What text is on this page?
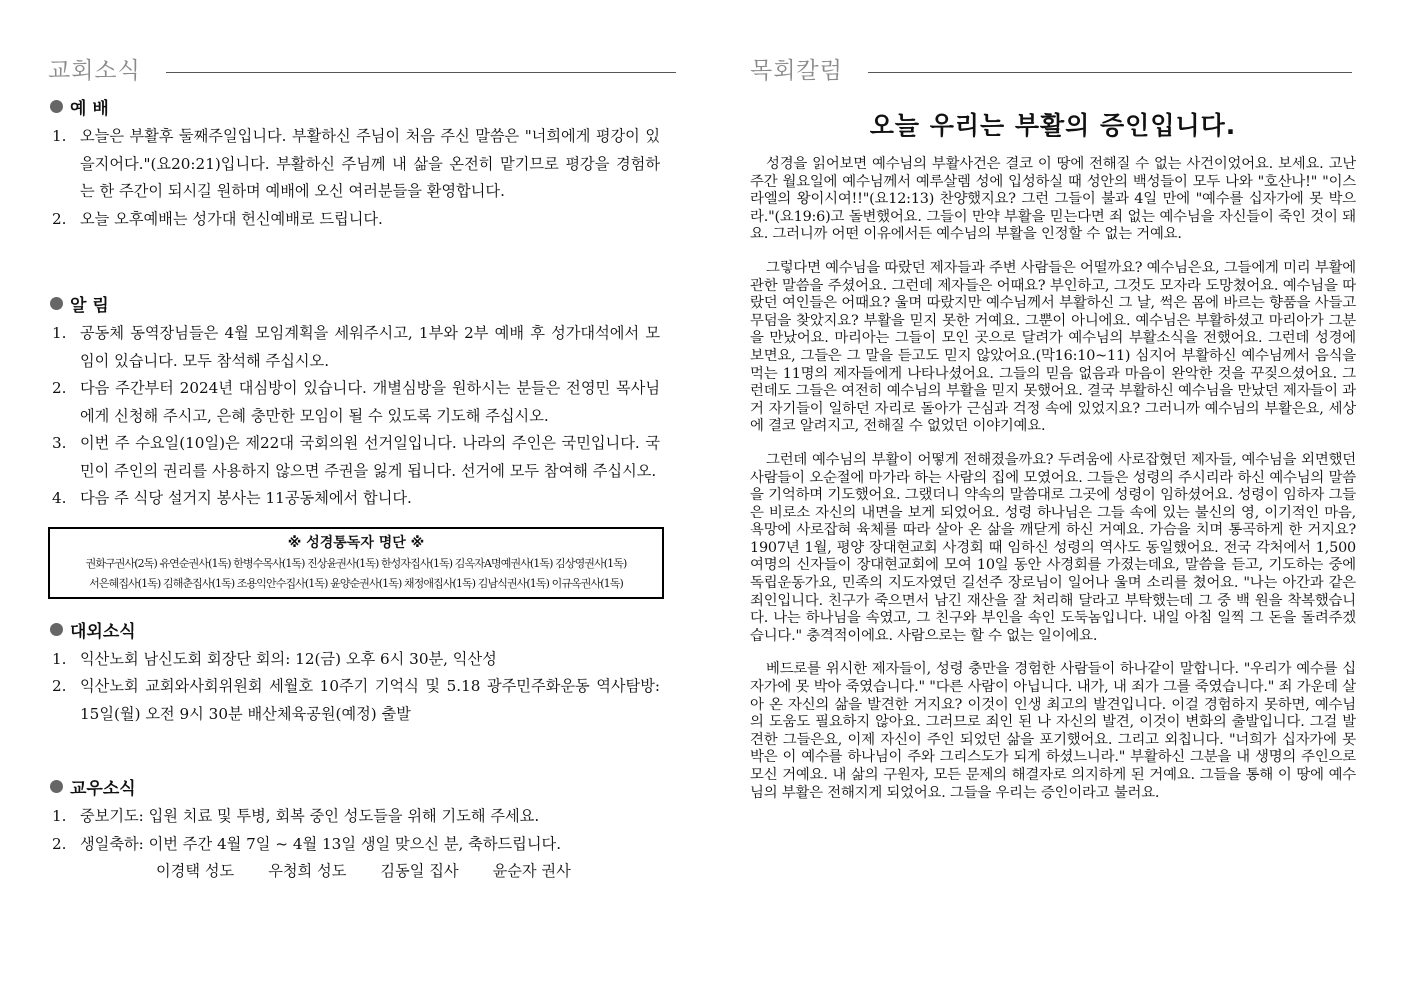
교회소식
예 배
1. 오늘은 부활후 둘째주일입니다. 부활하신 주님이 처음 주신 말씀은 "너희에게 평강이 있을지어다."(요20:21)입니다. 부활하신 주님께 내 삶을 온전히 맡기므로 평강을 경험하는 한 주간이 되시길 원하며 예배에 오신 여러분들을 환영합니다.
2. 오늘 오후예배는 성가대 헌신예배로 드립니다.
알 림
1. 공동체 동역장님들은 4월 모임계획을 세워주시고, 1부와 2부 예배 후 성가대석에서 모임이 있습니다. 모두 참석해 주십시오.
2. 다음 주간부터 2024년 대심방이 있습니다. 개별심방을 원하시는 분들은 전영민 목사님에게 신청해 주시고, 은혜 충만한 모임이 될 수 있도록 기도해 주십시오.
3. 이번 주 수요일(10일)은 제22대 국회의원 선거일입니다. 나라의 주인은 국민입니다. 국민이 주인의 권리를 사용하지 않으면 주권을 잃게 됩니다. 선거에 모두 참여해 주십시오.
4. 다음 주 식당 설거지 봉사는 11공동체에서 합니다.
※ 성경통독자 명단 ※
권화구권사(2독) 유연순권사(1독) 한병수목사(1독) 진상윤권사(1독) 한성자집사(1독) 김옥자A명예권사(1독) 김상영권사(1독)
서은혜집사(1독) 김해춘집사(1독) 조용익안수집사(1독) 윤양순권사(1독) 채정애집사(1독) 김남식권사(1독) 이규옥권사(1독)
대외소식
1. 익산노회 남신도회 회장단 회의: 12(금) 오후 6시 30분, 익산성
2. 익산노회 교회와사회위원회 세월호 10주기 기억식 및 5.18 광주민주화운동 역사탐방: 15일(월) 오전 9시 30분 배산체육공원(예정) 출발
교우소식
1. 중보기도: 입원 치료 및 투병, 회복 중인 성도들을 위해 기도해 주세요.
2. 생일축하: 이번 주간 4월 7일 ~ 4월 13일 생일 맞으신 분, 축하드립니다.
이경택 성도 우청희 성도 김동일 집사 윤순자 권사
목회칼럼
오늘 우리는 부활의 증인입니다.

성경을 읽어보면 예수님의 부활사건은 결코 이 땅에 전해질 수 없는 사건이었어요. 보세요. 고난주간 월요일에 예수님께서 예루살렘 성에 입성하실 때 성안의 백성들이 모두 나와 "호산나!" "이스라엘의 왕이시여!!"(요12:13) 찬양했지요? 그런 그들이 불과 4일 만에 "예수를 십자가에 못 박으라."(요19:6)고 돌변했어요. 그들이 만약 부활을 믿는다면 죄 없는 예수님을 자신들이 죽인 것이 돼요. 그러니까 어떤 이유에서든 예수님의 부활을 인정할 수 없는 거예요.

그렇다면 예수님을 따랐던 제자들과 주변 사람들은 어떨까요? 예수님은요, 그들에게 미리 부활에 관한 말씀을 주셨어요. 그런데 제자들은 어때요? 부인하고, 그것도 모자라 도망쳤어요. 예수님을 따랐던 여인들은 어때요? 울며 따랐지만 예수님께서 부활하신 그 날, 썩은 몸에 바르는 향품을 사들고 무덤을 찾았지요? 부활을 믿지 못한 거예요. 그뿐이 아니에요. 예수님은 부활하셨고 마리아가 그분을 만났어요. 마리아는 그들이 모인 곳으로 달려가 예수님의 부활소식을 전했어요. 그런데 성경에 보면요, 그들은 그 말을 듣고도 믿지 않았어요.(막16:10~11) 심지어 부활하신 예수님께서 음식을 먹는 11명의 제자들에게 나타나셨어요. 그들의 믿음 없음과 마음이 완악한 것을 꾸짖으셨어요. 그런데도 그들은 여전히 예수님의 부활을 믿지 못했어요. 결국 부활하신 예수님을 만났던 제자들이 과거 자기들이 일하던 자리로 돌아가 근심과 걱정 속에 있었지요? 그러니까 예수님의 부활은요, 세상에 결코 알려지고, 전해질 수 없었던 이야기예요.

그런데 예수님의 부활이 어떻게 전해졌을까요? 두려움에 사로잡혔던 제자들, 예수님을 외면했던 사람들이 오순절에 마가라 하는 사람의 집에 모였어요. 그들은 성령의 주시리라 하신 예수님의 말씀을 기억하며 기도했어요. 그랬더니 약속의 말씀대로 그곳에 성령이 임하셨어요. 성령이 임하자 그들은 비로소 자신의 내면을 보게 되었어요. 성령 하나님은 그들 속에 있는 불신의 영, 이기적인 마음, 욕망에 사로잡혀 육체를 따라 살아 온 삶을 깨닫게 하신 거예요. 가슴을 치며 통곡하게 한 거지요? 1907년 1월, 평양 장대현교회 사경회 때 임하신 성령의 역사도 동일했어요. 전국 각처에서 1,500여명의 신자들이 장대현교회에 모여 10일 동안 사경회를 가졌는데요, 말씀을 듣고, 기도하는 중에 독립운동가요, 민족의 지도자였던 길선주 장로님이 일어나 울며 소리를 쳤어요. "나는 아간과 같은 죄인입니다. 친구가 죽으면서 남긴 재산을 잘 처리해 달라고 부탁했는데 그 중 백 원을 착복했습니다. 나는 하나님을 속였고, 그 친구와 부인을 속인 도둑놈입니다. 내일 아침 일찍 그 돈을 돌려주겠습니다." 충격적이에요. 사람으로는 할 수 없는 일이에요.

베드로를 위시한 제자들이, 성령 충만을 경험한 사람들이 하나같이 말합니다. "우리가 예수를 십자가에 못 박아 죽였습니다." "다른 사람이 아닙니다. 내가, 내 죄가 그를 죽였습니다." 죄 가운데 살아 온 자신의 삶을 발견한 거지요? 이것이 인생 최고의 발견입니다. 이걸 경험하지 못하면, 예수님의 도움도 필요하지 않아요. 그러므로 죄인 된 나 자신의 발견, 이것이 변화의 출발입니다. 그걸 발견한 그들은요, 이제 자신이 주인 되었던 삶을 포기했어요. 그리고 외칩니다. "너희가 십자가에 못 박은 이 예수를 하나님이 주와 그리스도가 되게 하셨느니라." 부활하신 그분을 내 생명의 주인으로 모신 거예요. 내 삶의 구원자, 모든 문제의 해결자로 의지하게 된 거예요. 그들을 통해 이 땅에 예수님의 부활은 전해지게 되었어요. 그들을 우리는 증인이라고 불러요.
